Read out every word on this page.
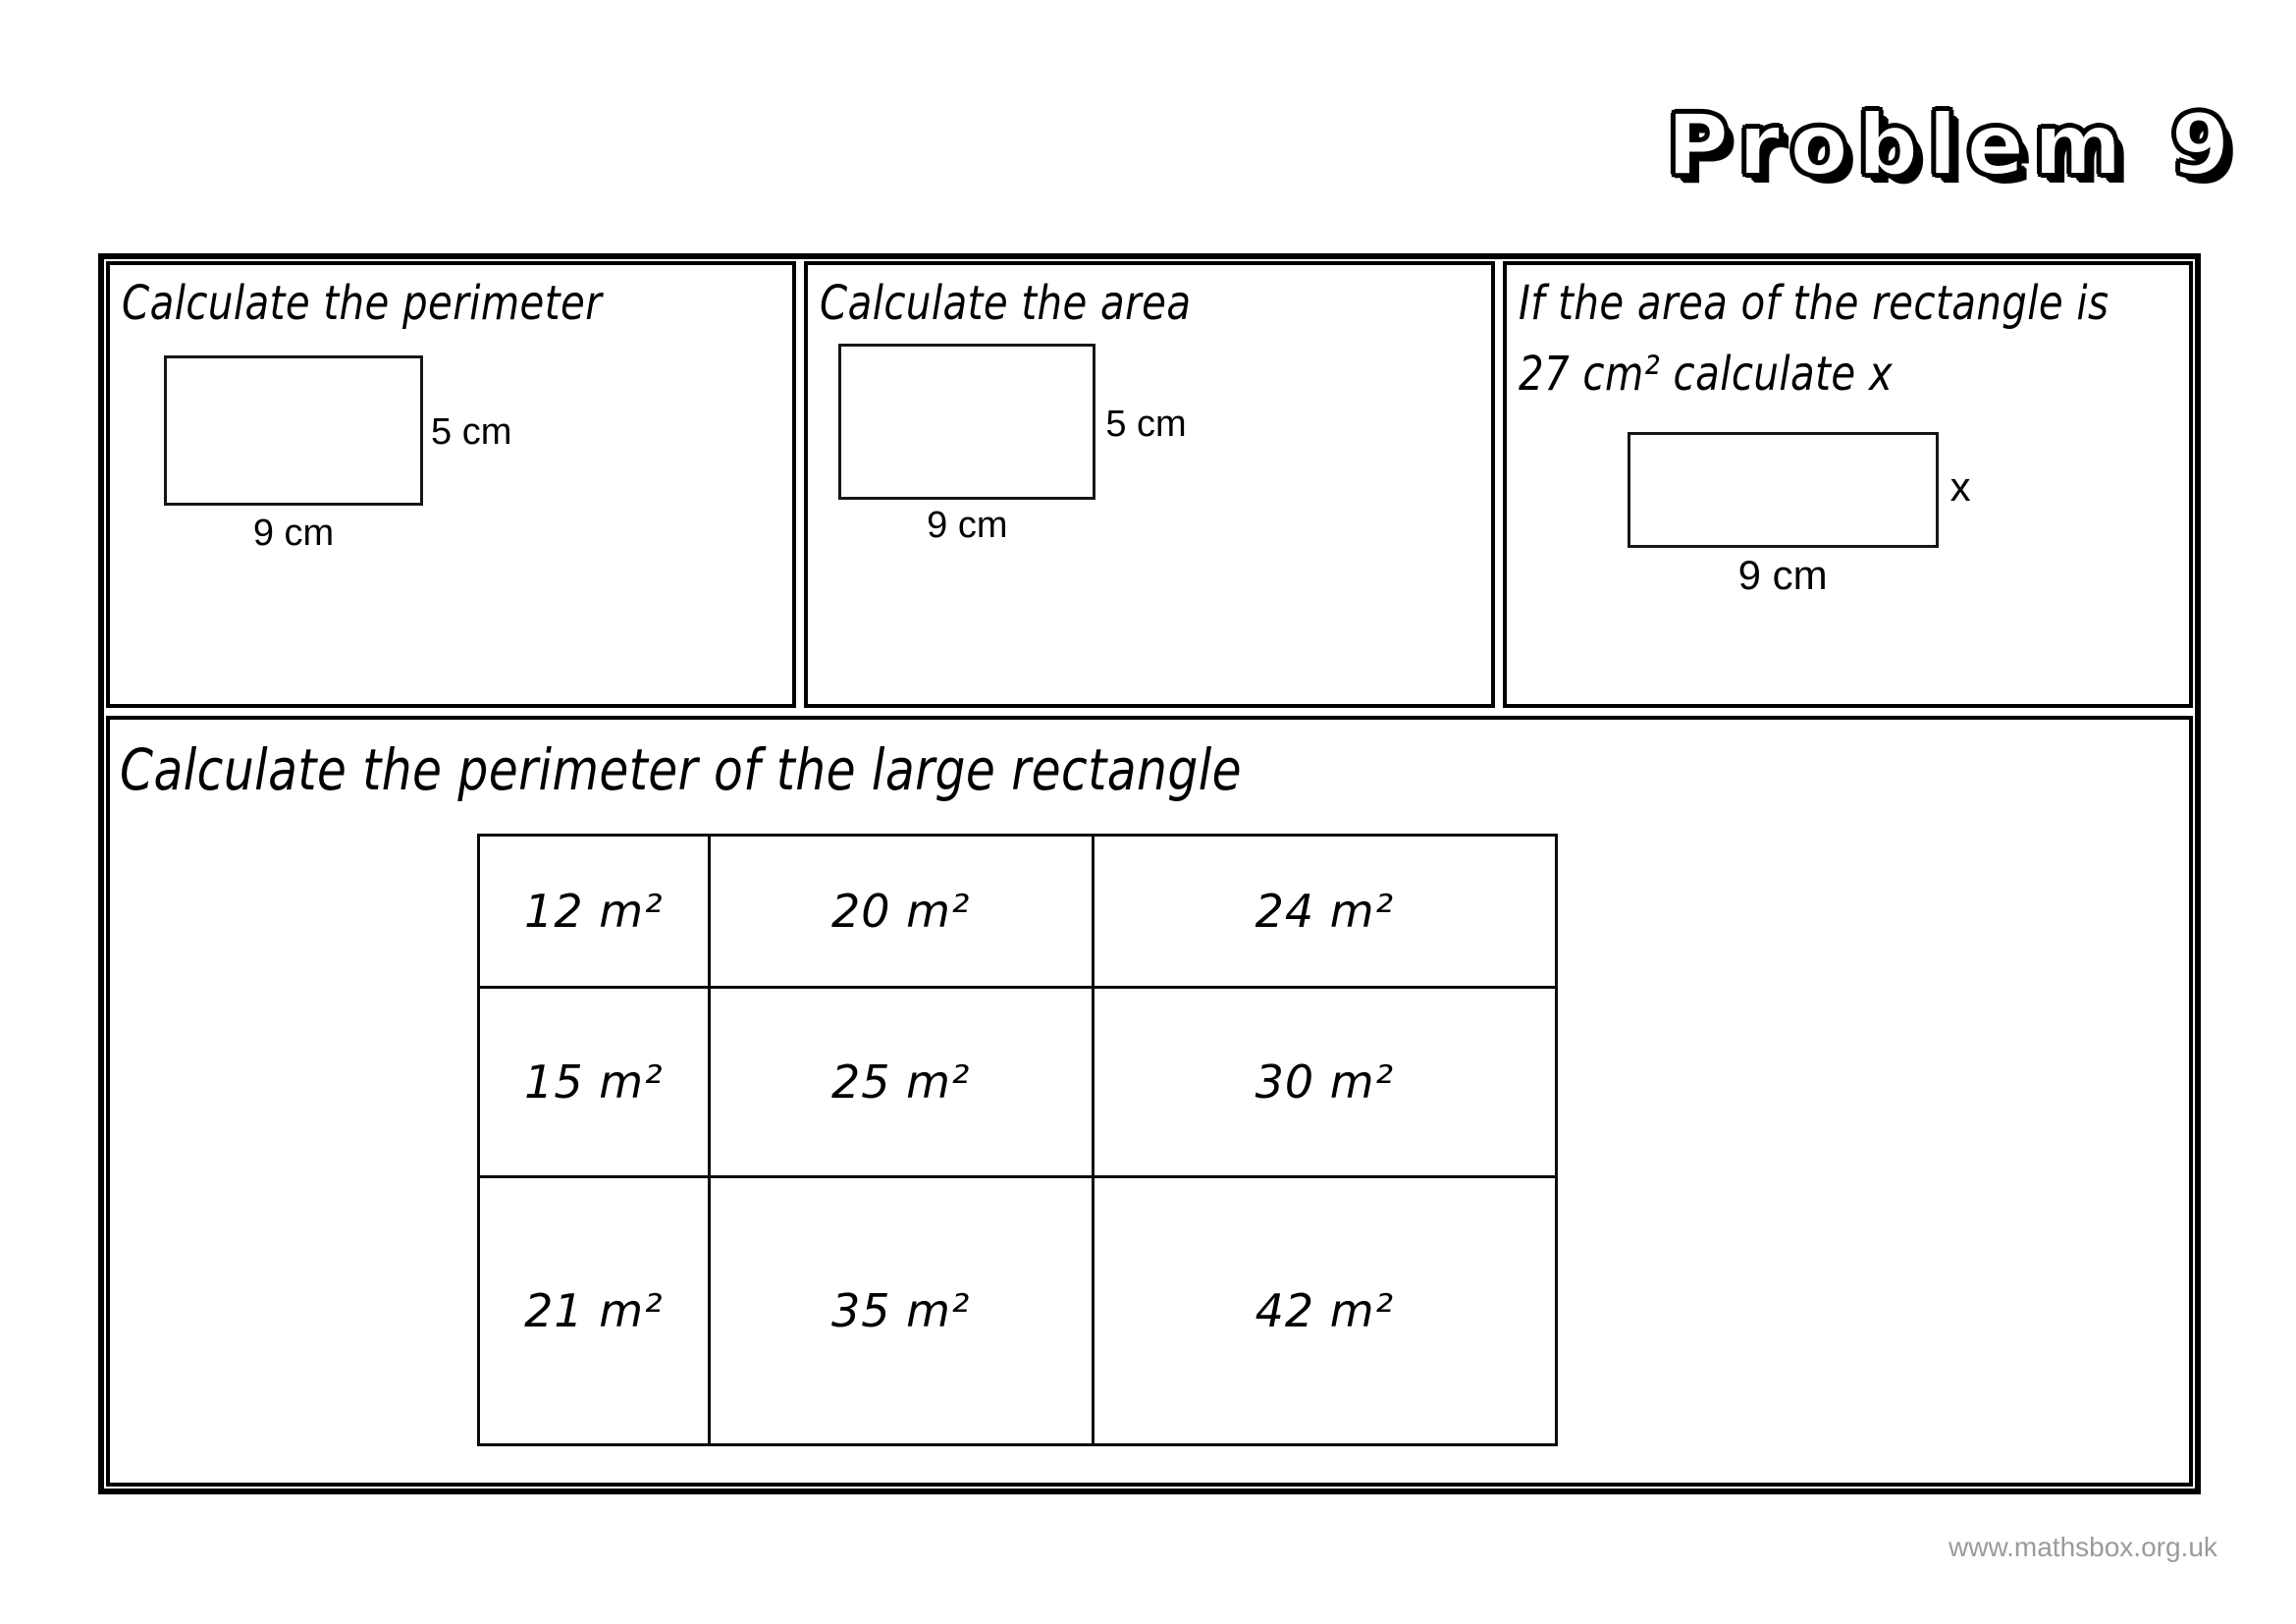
Problem 9
Calculate the perimeter
5 cm
9 cm
Calculate the area
5 cm
9 cm
If the area of the rectangle is
27 cm² calculate x
x
9 cm
Calculate the perimeter of the large rectangle
12 m²	20 m²	24 m²
15 m²	25 m²	30 m²
21 m²	35 m²	42 m²
www.mathsbox.org.uk
